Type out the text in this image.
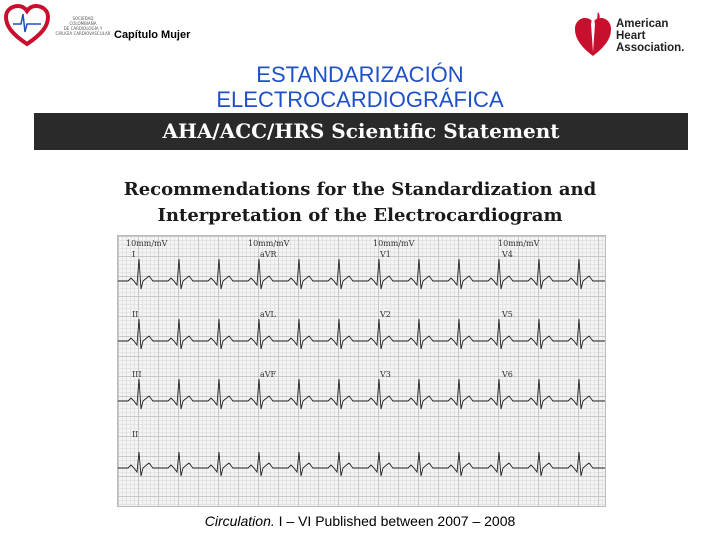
SOCIEDAD
COLOMBIANA
DE CARDIOLOGÍA Y
CIRUGÍA CARDIOVASCULAR Capítulo Mujer
American
Heart
Association.
ESTANDARIZACIÓN
ELECTROCARDIOGRÁFICA
AHA/ACC/HRS Scientific Statement
Recommendations for the Standardization and
Interpretation of the Electrocardiogram
10mm/mV	10mm/mV	10mm/mV	10mm/mV
I	aVR	V1	V4
II	aVL	V2	V5
III	aVF	V3	V6
II
Circulation. I – VI Published between 2007 – 2008
